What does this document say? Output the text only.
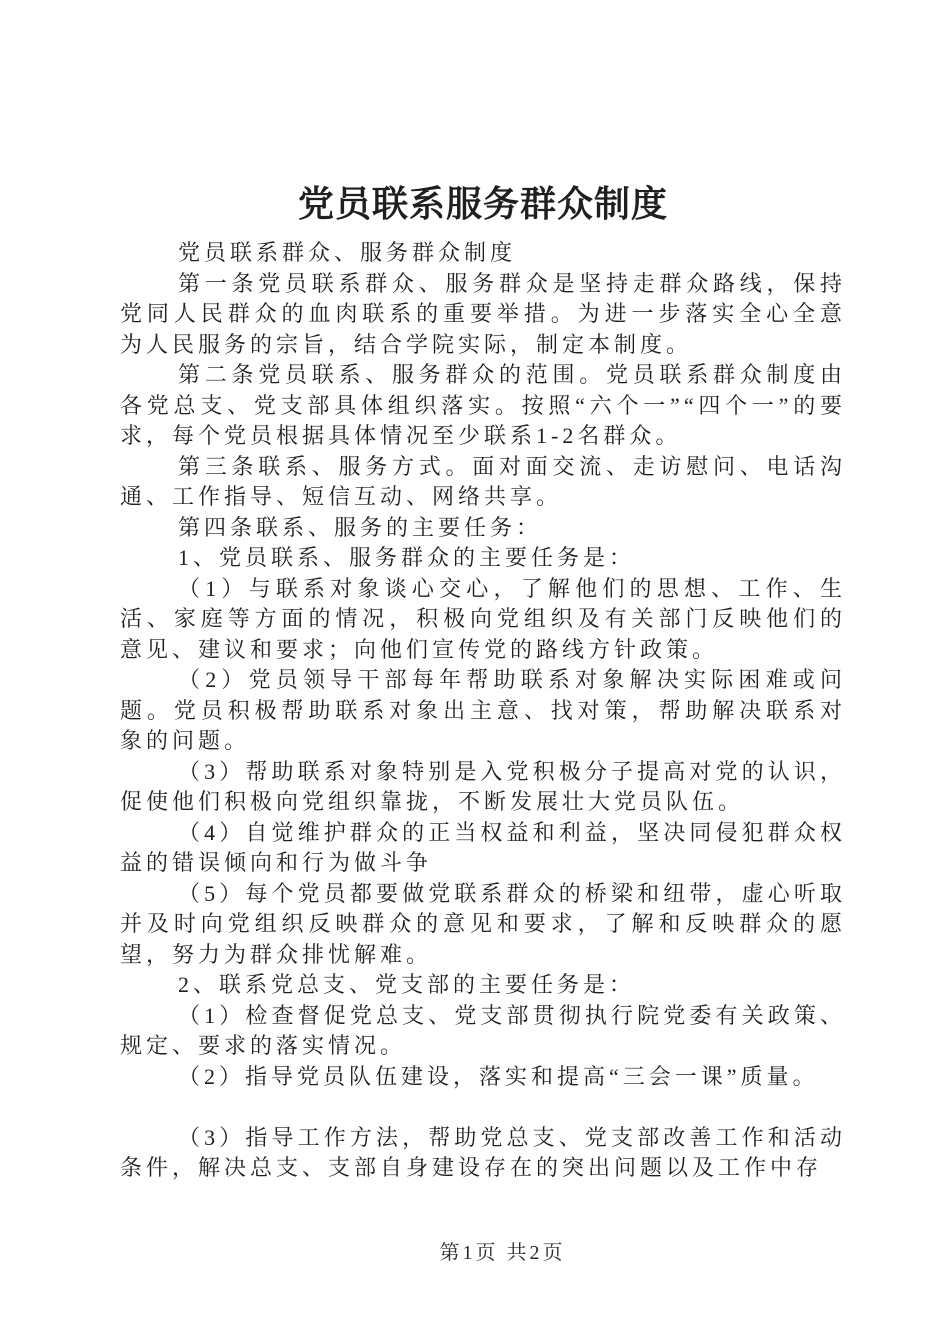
党员联系服务群众制度

党员联系群众、服务群众制度

第一条党员联系群众、服务群众是坚持走群众路线，保持党同人民群众的血肉联系的重要举措。为进一步落实全心全意为人民服务的宗旨，结合学院实际，制定本制度。

第二条党员联系、服务群众的范围。党员联系群众制度由各党总支、党支部具体组织落实。按照“六个一”“四个一”的要求，每个党员根据具体情况至少联系1-2名群众。

第三条联系、服务方式。面对面交流、走访慰问、电话沟通、工作指导、短信互动、网络共享。

第四条联系、服务的主要任务：

1、党员联系、服务群众的主要任务是：

（1）与联系对象谈心交心，了解他们的思想、工作、生活、家庭等方面的情况，积极向党组织及有关部门反映他们的意见、建议和要求；向他们宣传党的路线方针政策。

（2）党员领导干部每年帮助联系对象解决实际困难或问题。党员积极帮助联系对象出主意、找对策，帮助解决联系对象的问题。

（3）帮助联系对象特别是入党积极分子提高对党的认识，促使他们积极向党组织靠拢，不断发展壮大党员队伍。

（4）自觉维护群众的正当权益和利益，坚决同侵犯群众权益的错误倾向和行为做斗争

（5）每个党员都要做党联系群众的桥梁和纽带，虚心听取并及时向党组织反映群众的意见和要求，了解和反映群众的愿望，努力为群众排忧解难。

2、联系党总支、党支部的主要任务是：

（1）检查督促党总支、党支部贯彻执行院党委有关政策、规定、要求的落实情况。

（2）指导党员队伍建设，落实和提高“三会一课”质量。

（3）指导工作方法，帮助党总支、党支部改善工作和活动条件，解决总支、支部自身建设存在的突出问题以及工作中存

第1页 共2页
